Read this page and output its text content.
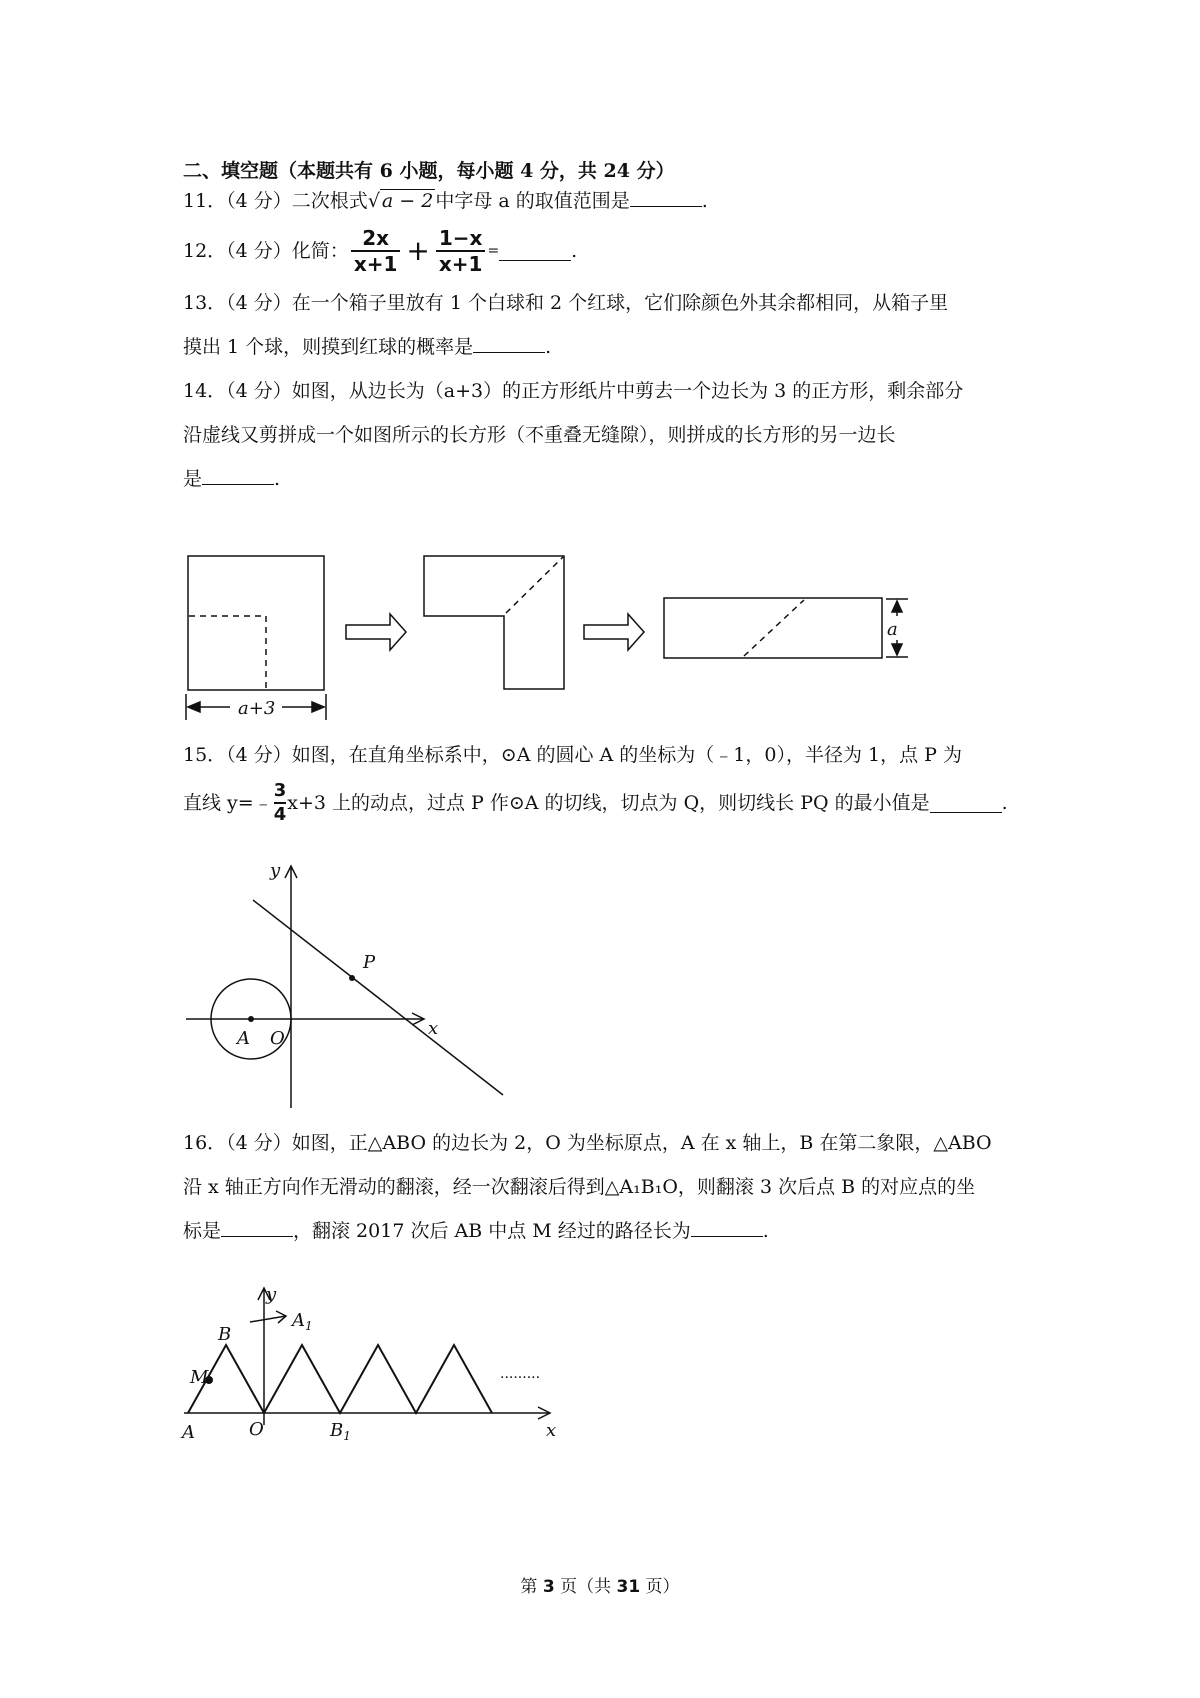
二、填空题（本题共有 6 小题，每小题 4 分，共 24 分）
11．（4 分）二次根式√ a − 2 中字母 a 的取值范围是	.
12．（4 分）化简： $\frac{2x}{x+1} + \frac{1-x}{x+1}$ =	.
13．（4 分）在一个箱子里放有 1 个白球和 2 个红球，它们除颜色外其余都相同，从箱子里
摸出 1 个球，则摸到红球的概率是	.
14．（4 分）如图，从边长为（a+3）的正方形纸片中剪去一个边长为 3 的正方形，剩余部分
沿虚线又剪拼成一个如图所示的长方形（不重叠无缝隙），则拼成的长方形的另一边长
是	.
a+3
a
y
x
P
A O
y
x
B
M
A	O
$A_1$
$B_1$
.........
15．（4 分）如图，在直角坐标系中，⊙A 的圆心 A 的坐标为（﹣1，0），半径为 1，点 P 为
直线 y=﹣ $\frac{3}{4} x+3$ 上的动点，过点 P 作⊙A 的切线，切点为 Q，则切线长 PQ 的最小值是	.
16．（4 分）如图，正△ABO 的边长为 2，O 为坐标原点，A 在 x 轴上，B 在第二象限，△ABO
沿 x 轴正方向作无滑动的翻滚，经一次翻滚后得到△A₁B₁O，则翻滚 3 次后点 B 的对应点的坐
标是	，翻滚 2017 次后 AB 中点 M 经过的路径长为	.
第 3 页（共 31 页）
